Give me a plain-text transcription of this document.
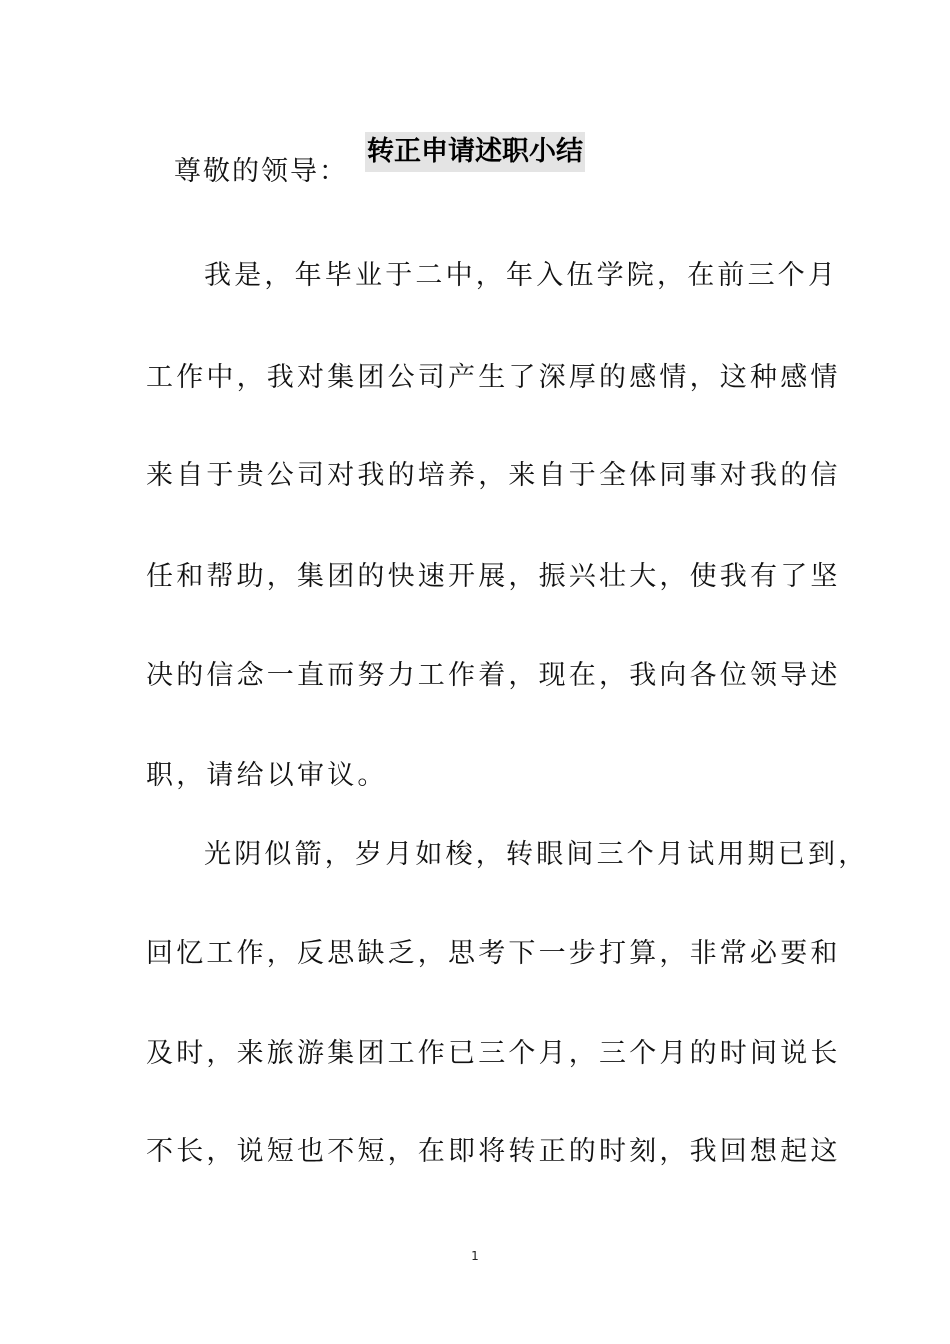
转正申请述职小结

尊敬的领导：

我是，年毕业于二中，年入伍学院，在前三个月

工作中，我对集团公司产生了深厚的感情，这种感情

来自于贵公司对我的培养，来自于全体同事对我的信

任和帮助，集团的快速开展，振兴壮大，使我有了坚

决的信念一直而努力工作着，现在，我向各位领导述

职，请给以审议。

光阴似箭，岁月如梭，转眼间三个月试用期已到，

回忆工作，反思缺乏，思考下一步打算，非常必要和

及时，来旅游集团工作已三个月，三个月的时间说长

不长，说短也不短，在即将转正的时刻，我回想起这

1
